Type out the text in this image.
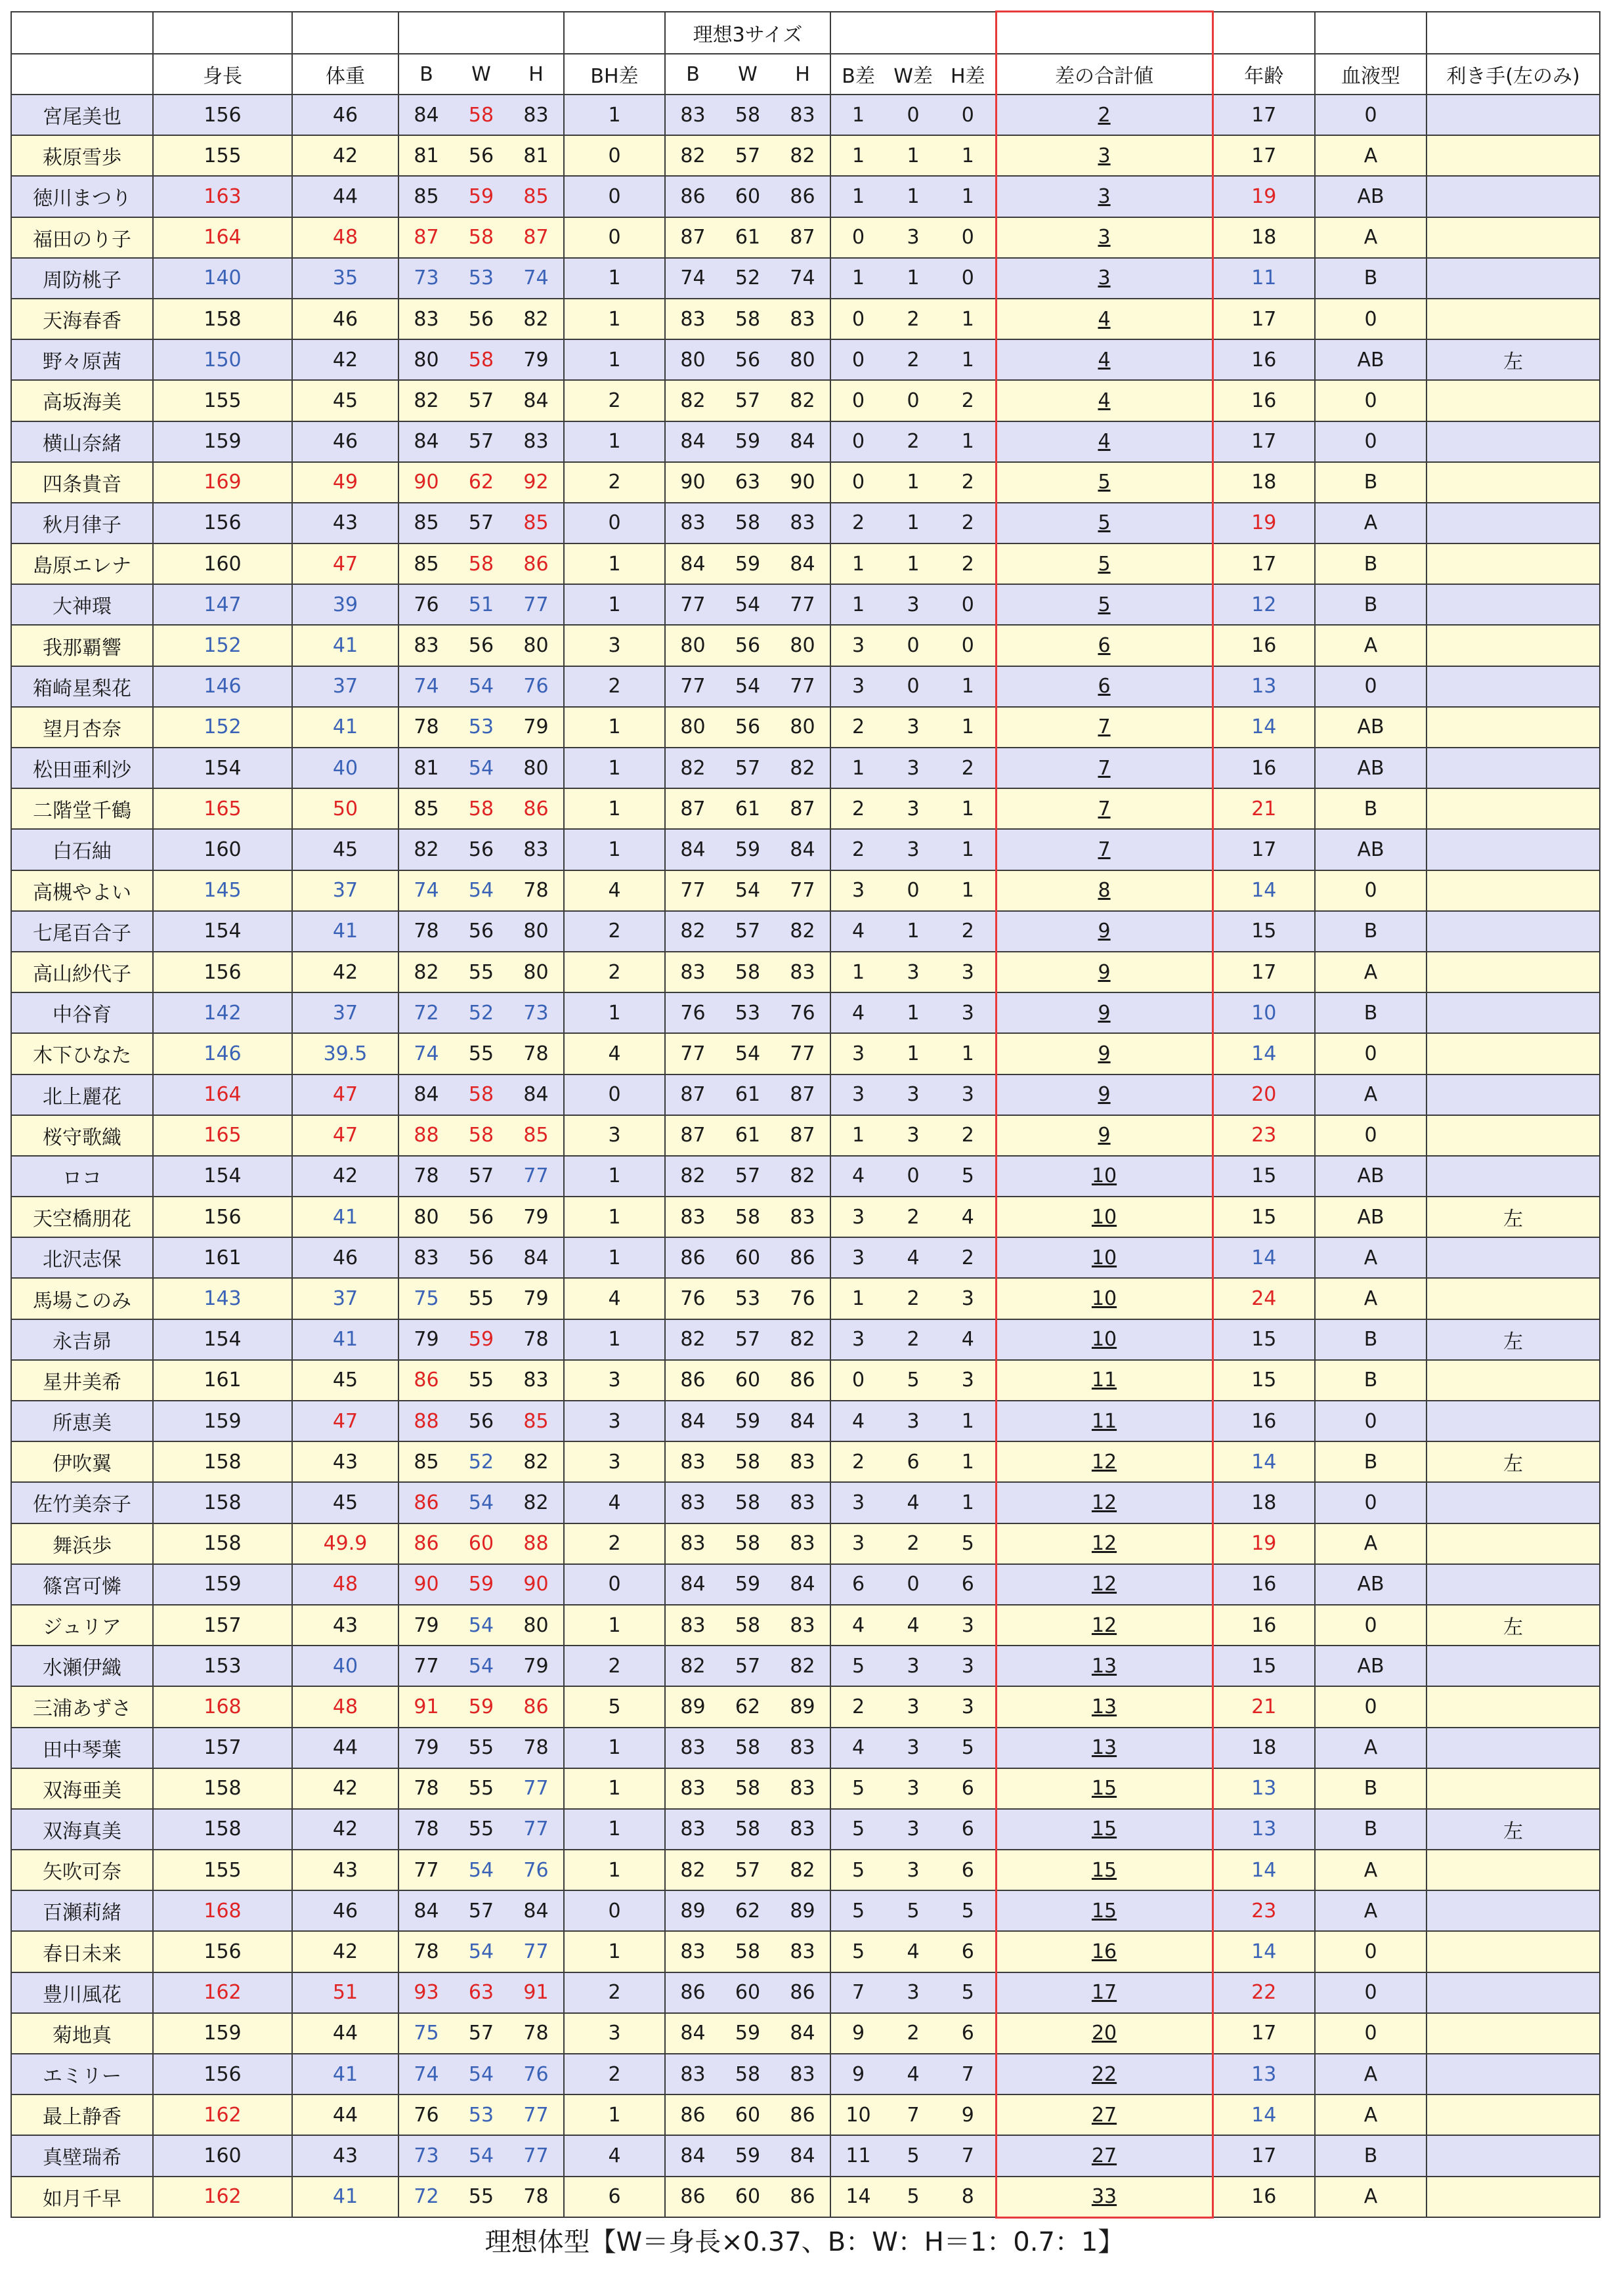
							理想3サイズ									
	身長	体重	B	W	H	BH差	B	W	H	B差	W差	H差	差の合計値	年齢	血液型	利き手(左のみ)
宮尾美也	156	46	84	58	83	1	83	58	83	1	0	0	2	17	0	
萩原雪歩	155	42	81	56	81	0	82	57	82	1	1	1	3	17	A	
徳川まつり	163	44	85	59	85	0	86	60	86	1	1	1	3	19	AB	
福田のり子	164	48	87	58	87	0	87	61	87	0	3	0	3	18	A	
周防桃子	140	35	73	53	74	1	74	52	74	1	1	0	3	11	B	
天海春香	158	46	83	56	82	1	83	58	83	0	2	1	4	17	0	
野々原茜	150	42	80	58	79	1	80	56	80	0	2	1	4	16	AB	左
高坂海美	155	45	82	57	84	2	82	57	82	0	0	2	4	16	0	
横山奈緒	159	46	84	57	83	1	84	59	84	0	2	1	4	17	0	
四条貴音	169	49	90	62	92	2	90	63	90	0	1	2	5	18	B	
秋月律子	156	43	85	57	85	0	83	58	83	2	1	2	5	19	A	
島原エレナ	160	47	85	58	86	1	84	59	84	1	1	2	5	17	B	
大神環	147	39	76	51	77	1	77	54	77	1	3	0	5	12	B	
我那覇響	152	41	83	56	80	3	80	56	80	3	0	0	6	16	A	
箱崎星梨花	146	37	74	54	76	2	77	54	77	3	0	1	6	13	0	
望月杏奈	152	41	78	53	79	1	80	56	80	2	3	1	7	14	AB	
松田亜利沙	154	40	81	54	80	1	82	57	82	1	3	2	7	16	AB	
二階堂千鶴	165	50	85	58	86	1	87	61	87	2	3	1	7	21	B	
白石紬	160	45	82	56	83	1	84	59	84	2	3	1	7	17	AB	
高槻やよい	145	37	74	54	78	4	77	54	77	3	0	1	8	14	0	
七尾百合子	154	41	78	56	80	2	82	57	82	4	1	2	9	15	B	
高山紗代子	156	42	82	55	80	2	83	58	83	1	3	3	9	17	A	
中谷育	142	37	72	52	73	1	76	53	76	4	1	3	9	10	B	
木下ひなた	146	39.5	74	55	78	4	77	54	77	3	1	1	9	14	0	
北上麗花	164	47	84	58	84	0	87	61	87	3	3	3	9	20	A	
桜守歌織	165	47	88	58	85	3	87	61	87	1	3	2	9	23	0	
ロコ	154	42	78	57	77	1	82	57	82	4	0	5	10	15	AB	
天空橋朋花	156	41	80	56	79	1	83	58	83	3	2	4	10	15	AB	左
北沢志保	161	46	83	56	84	1	86	60	86	3	4	2	10	14	A	
馬場このみ	143	37	75	55	79	4	76	53	76	1	2	3	10	24	A	
永吉昴	154	41	79	59	78	1	82	57	82	3	2	4	10	15	B	左
星井美希	161	45	86	55	83	3	86	60	86	0	5	3	11	15	B	
所恵美	159	47	88	56	85	3	84	59	84	4	3	1	11	16	0	
伊吹翼	158	43	85	52	82	3	83	58	83	2	6	1	12	14	B	左
佐竹美奈子	158	45	86	54	82	4	83	58	83	3	4	1	12	18	0	
舞浜歩	158	49.9	86	60	88	2	83	58	83	3	2	5	12	19	A	
篠宮可憐	159	48	90	59	90	0	84	59	84	6	0	6	12	16	AB	
ジュリア	157	43	79	54	80	1	83	58	83	4	4	3	12	16	0	左
水瀬伊織	153	40	77	54	79	2	82	57	82	5	3	3	13	15	AB	
三浦あずさ	168	48	91	59	86	5	89	62	89	2	3	3	13	21	0	
田中琴葉	157	44	79	55	78	1	83	58	83	4	3	5	13	18	A	
双海亜美	158	42	78	55	77	1	83	58	83	5	3	6	15	13	B	
双海真美	158	42	78	55	77	1	83	58	83	5	3	6	15	13	B	左
矢吹可奈	155	43	77	54	76	1	82	57	82	5	3	6	15	14	A	
百瀬莉緒	168	46	84	57	84	0	89	62	89	5	5	5	15	23	A	
春日未来	156	42	78	54	77	1	83	58	83	5	4	6	16	14	0	
豊川風花	162	51	93	63	91	2	86	60	86	7	3	5	17	22	0	
菊地真	159	44	75	57	78	3	84	59	84	9	2	6	20	17	0	
エミリー	156	41	74	54	76	2	83	58	83	9	4	7	22	13	A	
最上静香	162	44	76	53	77	1	86	60	86	10	7	9	27	14	A	
真壁瑞希	160	43	73	54	77	4	84	59	84	11	5	7	27	17	B	
如月千早	162	41	72	55	78	6	86	60	86	14	5	8	33	16	A	
理想体型【W＝身長×0.37、B：W：H＝1：0.7：1】
